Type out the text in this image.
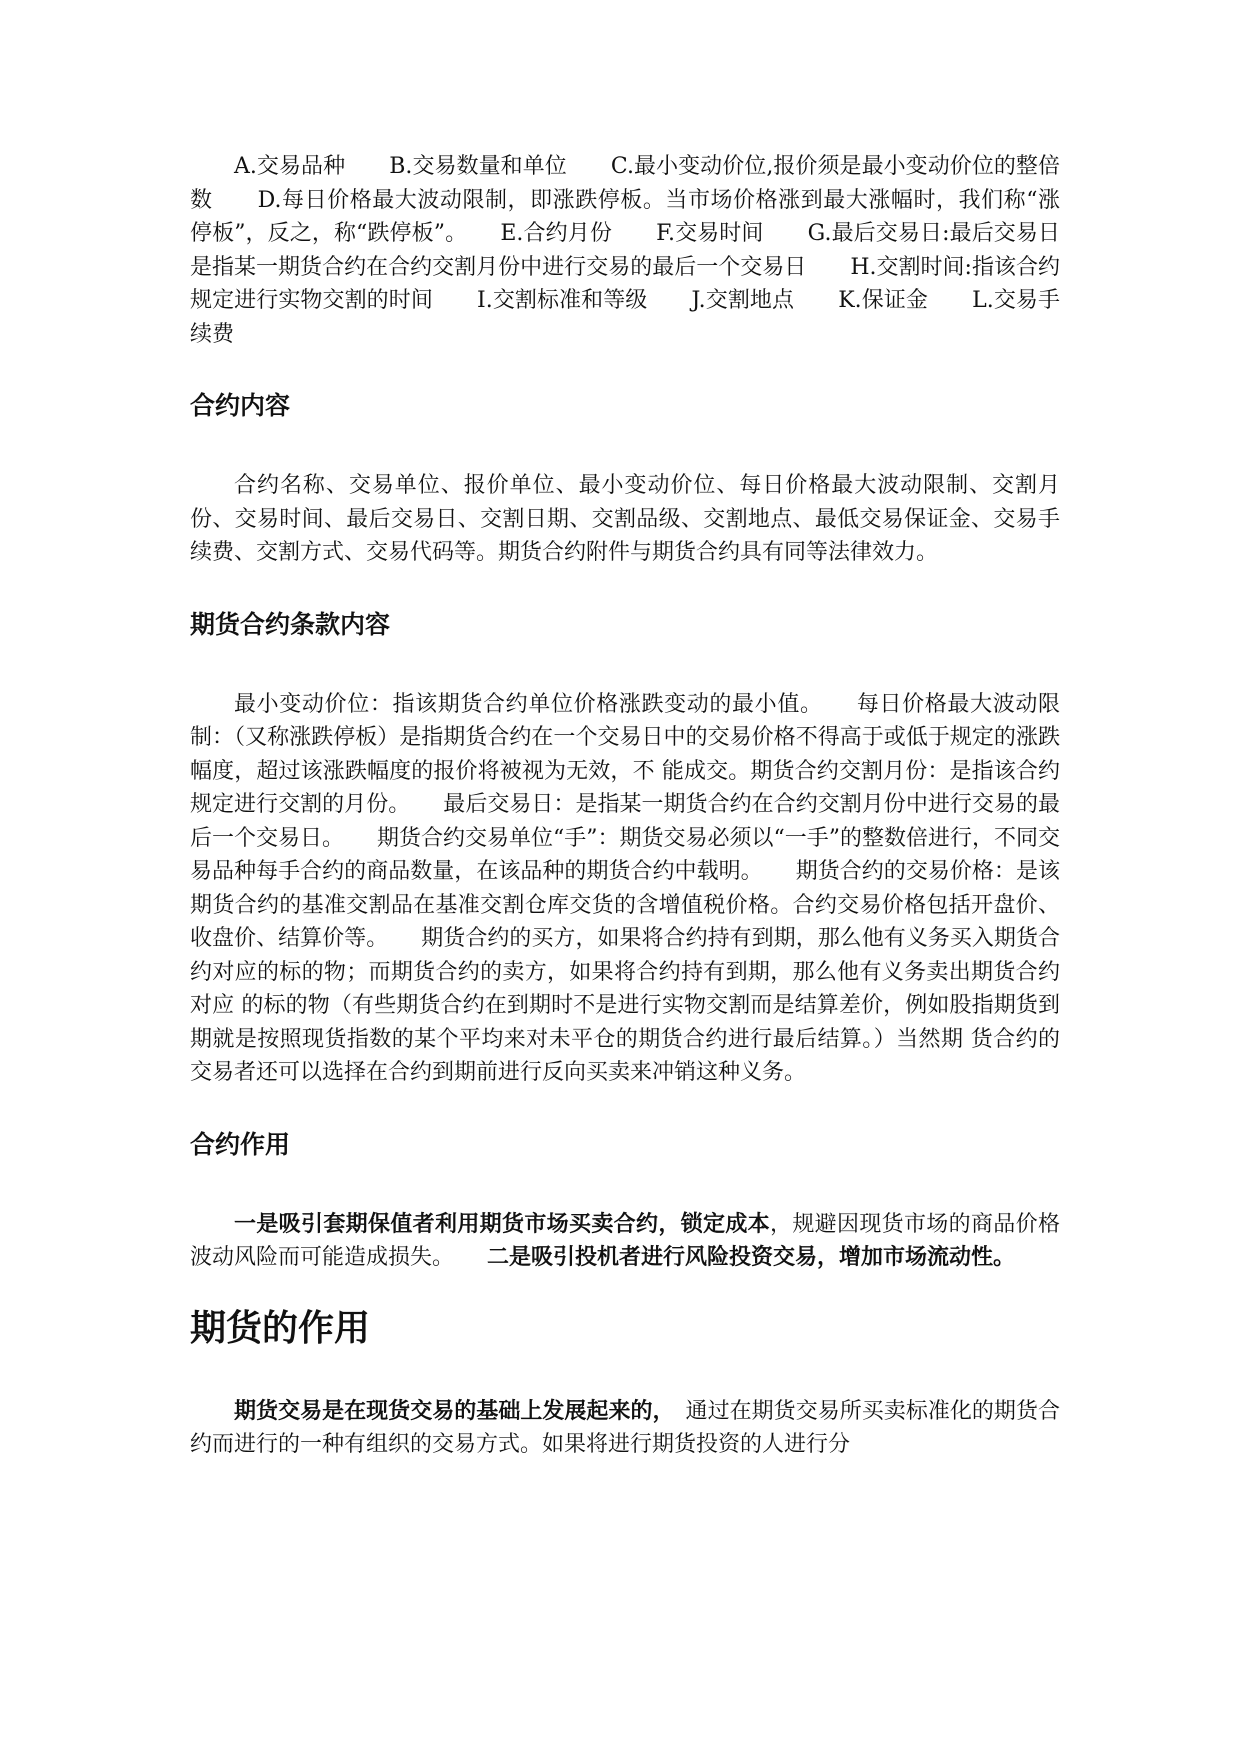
A.交易品种　　B.交易数量和单位　　C.最小变动价位,报价须是最小变动价位的整倍数　　D.每日价格最大波动限制，即涨跌停板。当市场价格涨到最大涨幅时，我们称“涨停板”，反之，称“跌停板”。　　E.合约月份　　F.交易时间　　G.最后交易日:最后交易日是指某一期货合约在合约交割月份中进行交易的最后一个交易日　　H.交割时间:指该合约规定进行实物交割的时间　　I.交割标准和等级　　J.交割地点　　K.保证金　　L.交易手续费

合约内容

合约名称、交易单位、报价单位、最小变动价位、每日价格最大波动限制、交割月份、交易时间、最后交易日、交割日期、交割品级、交割地点、最低交易保证金、交易手续费、交割方式、交易代码等。期货合约附件与期货合约具有同等法律效力。

期货合约条款内容

最小变动价位：指该期货合约单位价格涨跌变动的最小值。　　每日价格最大波动限制：（又称涨跌停板）是指期货合约在一个交易日中的交易价格不得高于或低于规定的涨跌幅度，超过该涨跌幅度的报价将被视为无效，不 能成交。期货合约交割月份：是指该合约规定进行交割的月份。　　最后交易日：是指某一期货合约在合约交割月份中进行交易的最后一个交易日。　　期货合约交易单位“手”：期货交易必须以“一手”的整数倍进行，不同交易品种每手合约的商品数量，在该品种的期货合约中载明。　　期货合约的交易价格：是该期货合约的基准交割品在基准交割仓库交货的含增值税价格。合约交易价格包括开盘价、收盘价、结算价等。　　期货合约的买方，如果将合约持有到期，那么他有义务买入期货合约对应的标的物；而期货合约的卖方，如果将合约持有到期，那么他有义务卖出期货合约对应 的标的物（有些期货合约在到期时不是进行实物交割而是结算差价，例如股指期货到期就是按照现货指数的某个平均来对未平仓的期货合约进行最后结算。）当然期 货合约的交易者还可以选择在合约到期前进行反向买卖来冲销这种义务。

合约作用

一是吸引套期保值者利用期货市场买卖合约，锁定成本，规避因现货市场的商品价格波动风险而可能造成损失。　　二是吸引投机者进行风险投资交易，增加市场流动性。

期货的作用

期货交易是在现货交易的基础上发展起来的，　通过在期货交易所买卖标准化的期货合约而进行的一种有组织的交易方式。如果将进行期货投资的人进行分
